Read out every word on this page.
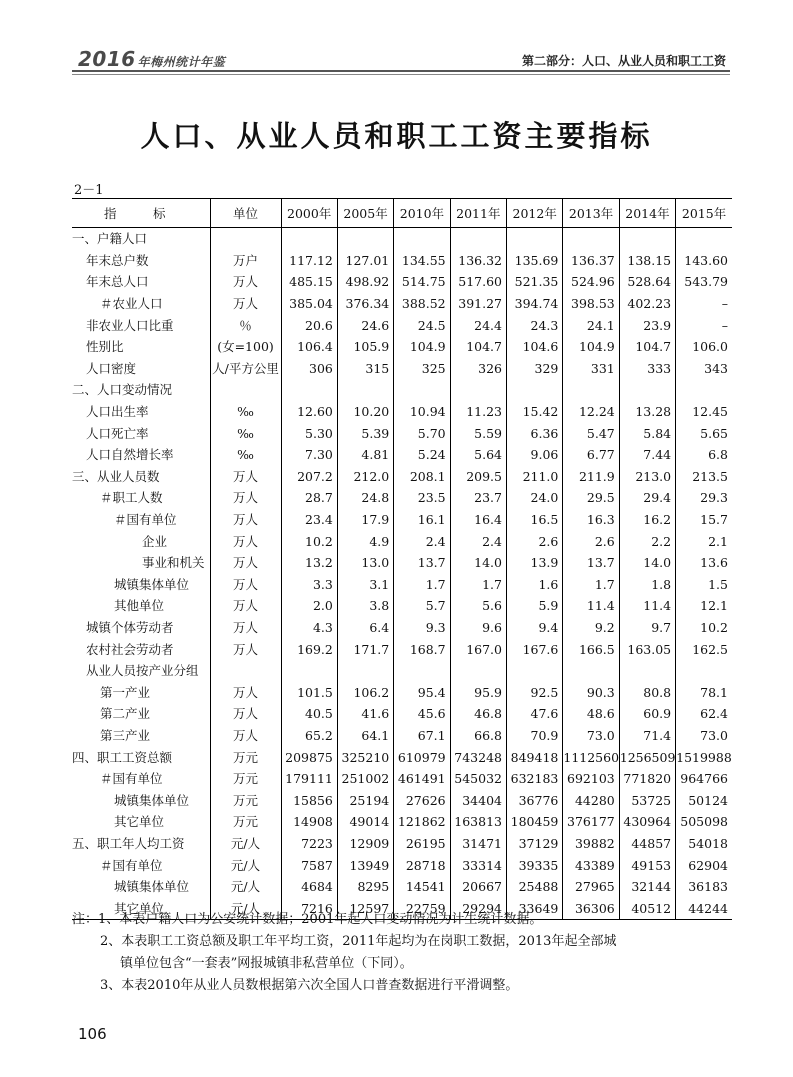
2016 年梅州统计年鉴	第二部分：人口、从业人员和职工工资
人口、从业人员和职工工资主要指标
2－1
指　标	单位	2000年	2005年	2010年	2011年	2012年	2013年	2014年	2015年
一、户籍人口									
年末总户数	万户	117.12	127.01	134.55	136.32	135.69	136.37	138.15	143.60
年末总人口	万人	485.15	498.92	514.75	517.60	521.35	524.96	528.64	543.79
＃农业人口	万人	385.04	376.34	388.52	391.27	394.74	398.53	402.23	–
非农业人口比重	％	20.6	24.6	24.5	24.4	24.3	24.1	23.9	–
性别比	(女=100)	106.4	105.9	104.9	104.7	104.6	104.9	104.7	106.0
人口密度	人/平方公里	306	315	325	326	329	331	333	343
二、人口变动情况									
人口出生率	‰	12.60	10.20	10.94	11.23	15.42	12.24	13.28	12.45
人口死亡率	‰	5.30	5.39	5.70	5.59	6.36	5.47	5.84	5.65
人口自然增长率	‰	7.30	4.81	5.24	5.64	9.06	6.77	7.44	6.8
三、从业人员数	万人	207.2	212.0	208.1	209.5	211.0	211.9	213.0	213.5
＃职工人数	万人	28.7	24.8	23.5	23.7	24.0	29.5	29.4	29.3
＃国有单位	万人	23.4	17.9	16.1	16.4	16.5	16.3	16.2	15.7
企业	万人	10.2	4.9	2.4	2.4	2.6	2.6	2.2	2.1
事业和机关	万人	13.2	13.0	13.7	14.0	13.9	13.7	14.0	13.6
城镇集体单位	万人	3.3	3.1	1.7	1.7	1.6	1.7	1.8	1.5
其他单位	万人	2.0	3.8	5.7	5.6	5.9	11.4	11.4	12.1
城镇个体劳动者	万人	4.3	6.4	9.3	9.6	9.4	9.2	9.7	10.2
农村社会劳动者	万人	169.2	171.7	168.7	167.0	167.6	166.5	163.05	162.5
从业人员按产业分组									
第一产业	万人	101.5	106.2	95.4	95.9	92.5	90.3	80.8	78.1
第二产业	万人	40.5	41.6	45.6	46.8	47.6	48.6	60.9	62.4
第三产业	万人	65.2	64.1	67.1	66.8	70.9	73.0	71.4	73.0
四、职工工资总额	万元	209875	325210	610979	743248	849418	1112560	1256509	1519988
＃国有单位	万元	179111	251002	461491	545032	632183	692103	771820	964766
城镇集体单位	万元	15856	25194	27626	34404	36776	44280	53725	50124
其它单位	万元	14908	49014	121862	163813	180459	376177	430964	505098
五、职工年人均工资	元/人	7223	12909	26195	31471	37129	39882	44857	54018
＃国有单位	元/人	7587	13949	28718	33314	39335	43389	49153	62904
城镇集体单位	元/人	4684	8295	14541	20667	25488	27965	32144	36183
其它单位	元/人	7216	12597	22759	29294	33649	36306	40512	44244
注：1、本表户籍人口为公安统计数据；2001年起人口变动情况为计生统计数据。
2、本表职工工资总额及职工年平均工资，2011年起均为在岗职工数据，2013年起全部城
镇单位包含“一套表”网报城镇非私营单位（下同）。
3、本表2010年从业人员数根据第六次全国人口普查数据进行平滑调整。
106
